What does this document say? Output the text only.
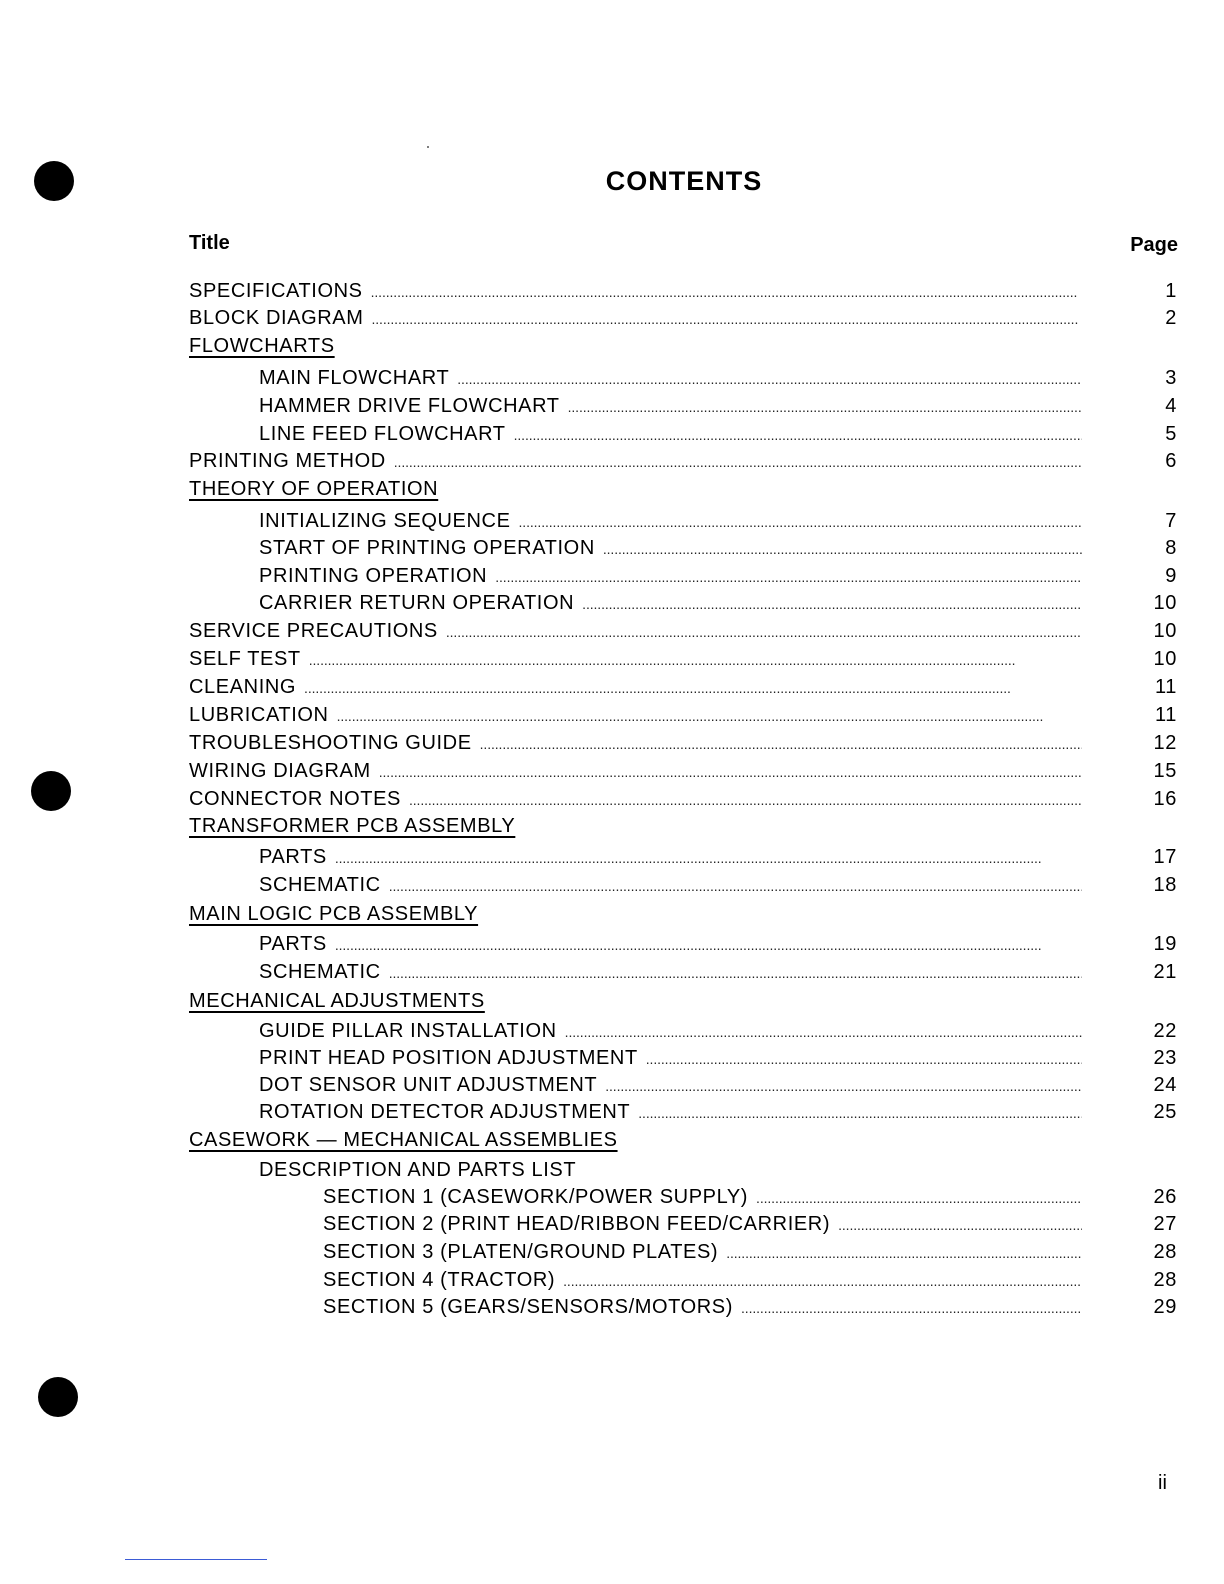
CONTENTS
Title	Page
SPECIFICATIONS . . .	1
BLOCK DIAGRAM . . .	2
FLOWCHARTS
MAIN FLOWCHART . . .	3
HAMMER DRIVE FLOWCHART . . .	4
LINE FEED FLOWCHART . . .	5
PRINTING METHOD . . .	6
THEORY OF OPERATION
INITIALIZING SEQUENCE . . .	7
START OF PRINTING OPERATION . . .	8
PRINTING OPERATION . . .	9
CARRIER RETURN OPERATION . . .	10
SERVICE PRECAUTIONS . . .	10
SELF TEST . . .	10
CLEANING . . .	11
LUBRICATION . . .	11
TROUBLESHOOTING GUIDE . . .	12
WIRING DIAGRAM . . .	15
CONNECTOR NOTES . . .	16
TRANSFORMER PCB ASSEMBLY
PARTS . . .	17
SCHEMATIC . . .	18
MAIN LOGIC PCB ASSEMBLY
PARTS . . .	19
SCHEMATIC . . .	21
MECHANICAL ADJUSTMENTS
GUIDE PILLAR INSTALLATION . . .	22
PRINT HEAD POSITION ADJUSTMENT . . .	23
DOT SENSOR UNIT ADJUSTMENT . . .	24
ROTATION DETECTOR ADJUSTMENT . . .	25
CASEWORK — MECHANICAL ASSEMBLIES
DESCRIPTION AND PARTS LIST
SECTION 1 (CASEWORK/POWER SUPPLY) . . .	26
SECTION 2 (PRINT HEAD/RIBBON FEED/CARRIER) . . .	27
SECTION 3 (PLATEN/GROUND PLATES) . . .	28
SECTION 4 (TRACTOR) . . .	28
SECTION 5 (GEARS/SENSORS/MOTORS) . . .	29
ii
